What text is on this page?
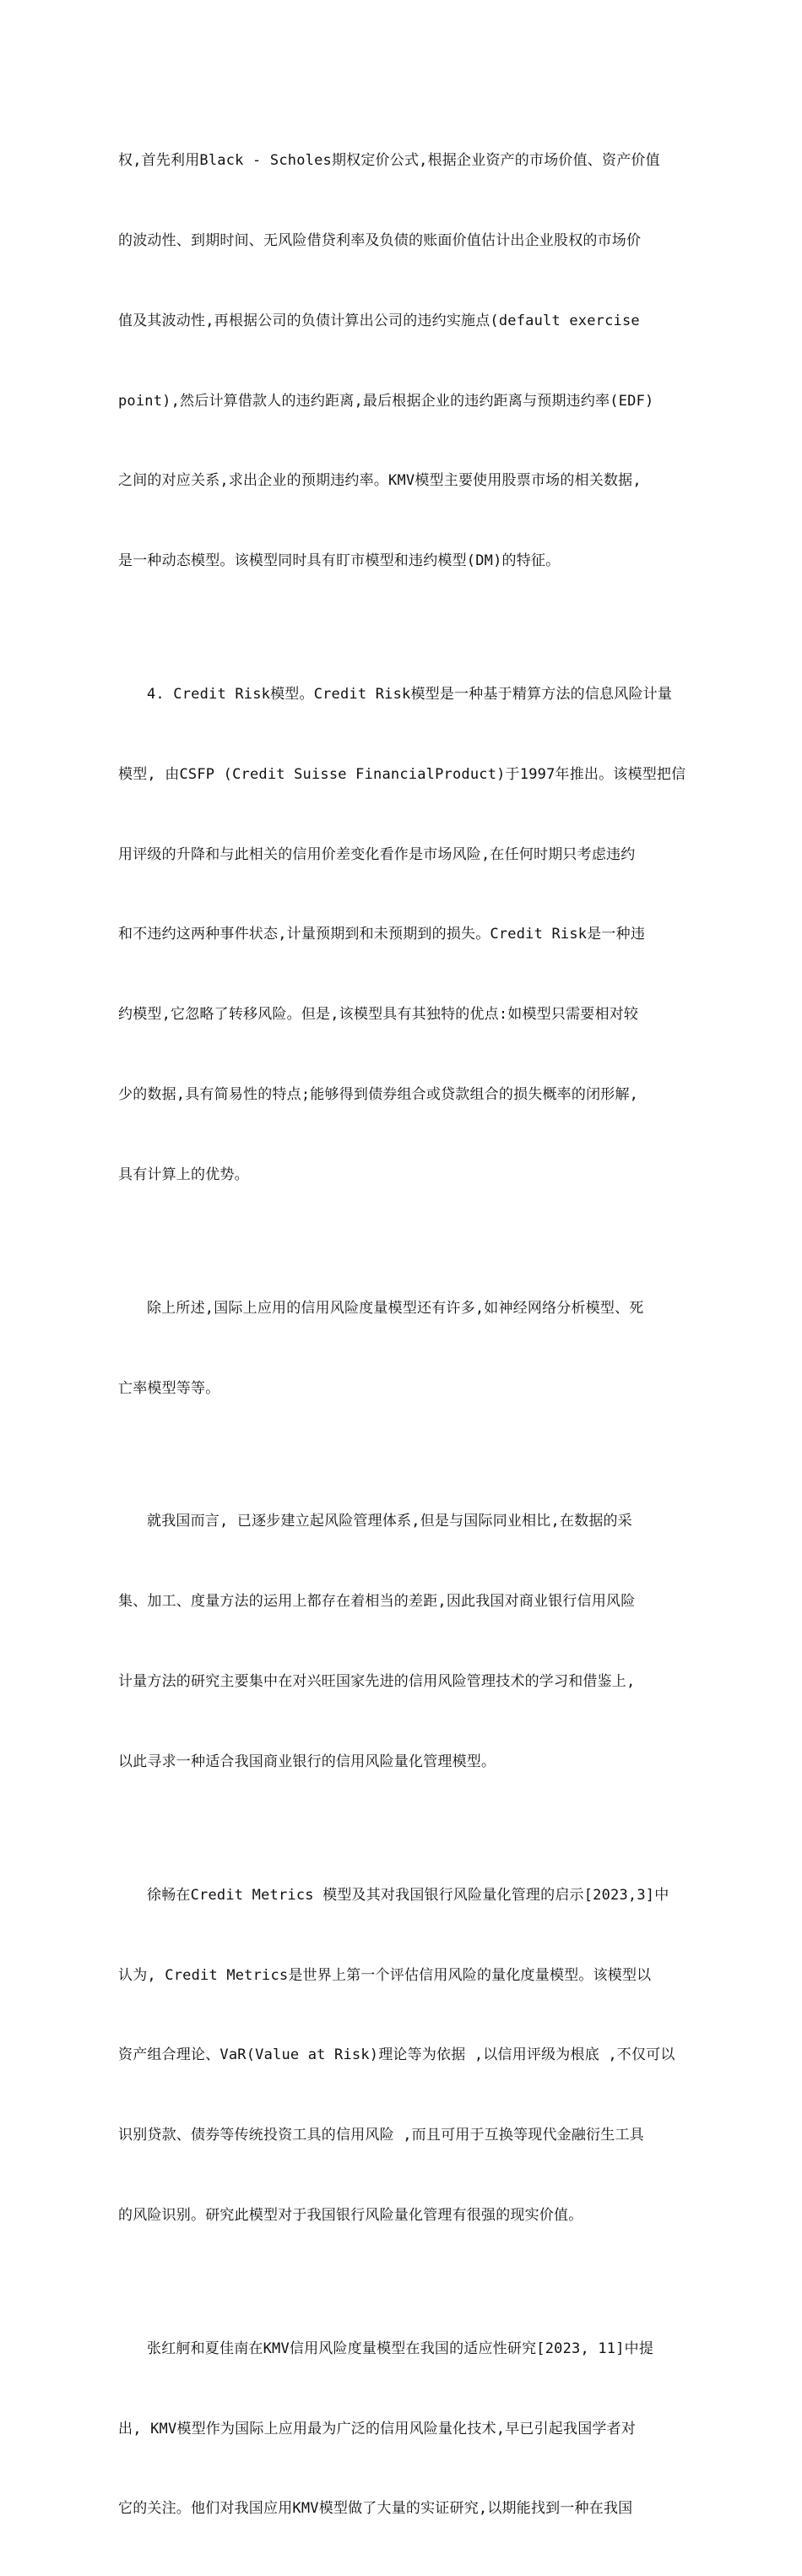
权,首先利用Black - Scholes期权定价公式,根据企业资产的市场价值、资产价值

的波动性、到期时间、无风险借贷利率及负债的账面价值估计出企业股权的市场价

值及其波动性,再根据公司的负债计算出公司的违约实施点(default exercise

point),然后计算借款人的违约距离,最后根据企业的违约距离与预期违约率(EDF)

之间的对应关系,求出企业的预期违约率。KMV模型主要使用股票市场的相关数据,

是一种动态模型。该模型同时具有盯市模型和违约模型(DM)的特征。

4. Credit Risk模型。Credit Risk模型是一种基于精算方法的信息风险计量

模型, 由CSFP (Credit Suisse FinancialProduct)于1997年推出。该模型把信

用评级的升降和与此相关的信用价差变化看作是市场风险,在任何时期只考虑违约

和不违约这两种事件状态,计量预期到和未预期到的损失。Credit Risk是一种违

约模型,它忽略了转移风险。但是,该模型具有其独特的优点:如模型只需要相对较

少的数据,具有简易性的特点;能够得到债券组合或贷款组合的损失概率的闭形解,

具有计算上的优势。

除上所述,国际上应用的信用风险度量模型还有许多,如神经网络分析模型、死

亡率模型等等。

就我国而言, 已逐步建立起风险管理体系,但是与国际同业相比,在数据的采

集、加工、度量方法的运用上都存在着相当的差距,因此我国对商业银行信用风险

计量方法的研究主要集中在对兴旺国家先进的信用风险管理技术的学习和借鉴上,

以此寻求一种适合我国商业银行的信用风险量化管理模型。

徐畅在Credit Metrics 模型及其对我国银行风险量化管理的启示[2023,3]中

认为, Credit Metrics是世界上第一个评估信用风险的量化度量模型。该模型以

资产组合理论、VaR(Value at Risk)理论等为依据 ,以信用评级为根底 ,不仅可以

识别贷款、债券等传统投资工具的信用风险 ,而且可用于互换等现代金融衍生工具

的风险识别。研究此模型对于我国银行风险量化管理有很强的现实价值。

张红舸和夏佳南在KMV信用风险度量模型在我国的适应性研究[2023, 11]中提

出, KMV模型作为国际上应用最为广泛的信用风险量化技术,早已引起我国学者对

它的关注。他们对我国应用KMV模型做了大量的实证研究,以期能找到一种在我国
